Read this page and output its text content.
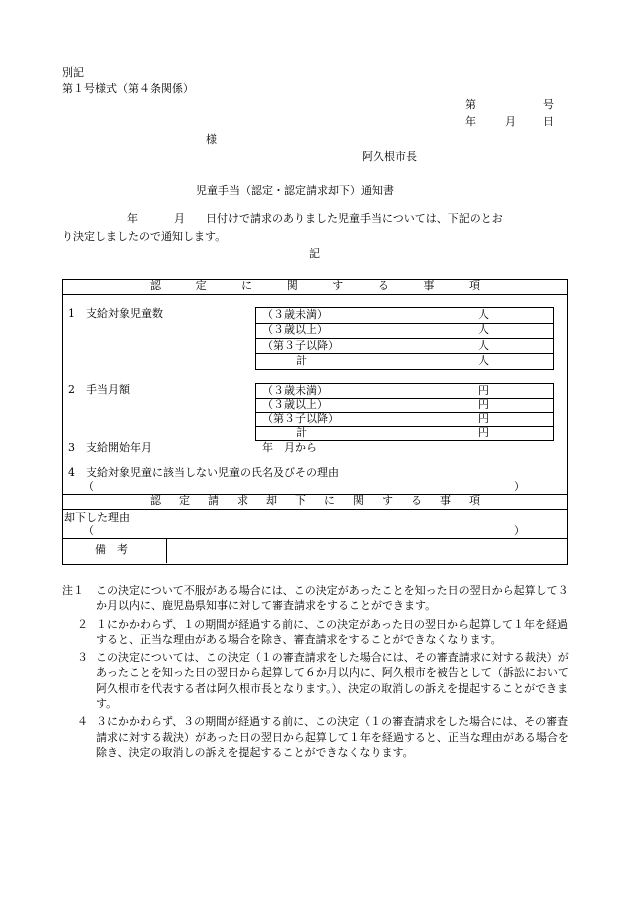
別記
第１号様式（第４条関係）
第	号
年	月 日
様
阿久根市長
児童手当（認定・認定請求却下）通知書
年	月 日付けで請求のありました児童手当については、下記のとお
り決定しましたので通知します。
記
認	定	に	関	す	る	事	項
1　支給対象児童数	（３歳未満）	人
（３歳以上）	人
（第３子以降）	人
計	人
2　手当月額	（３歳未満）	円
（３歳以上）	円
（第３子以降）	円
計	円
3　支給開始年月	年　月から
4　支給対象児童に該当しない児童の氏名及びその理由
（	）
認 定 請 求 却 下 に 関 す る 事 項
却下した理由
（	）
備　考
注１	この決定について不服がある場合には、この決定があったことを知った日の翌日から起算して３か月以内に、鹿児島県知事に対して審査請求をすることができます。
２ １にかかわらず、１の期間が経過する前に、この決定があった日の翌日から起算して１年を経過すると、正当な理由がある場合を除き、審査請求をすることができなくなります。
３ この決定については、この決定（１の審査請求をした場合には、その審査請求に対する裁決）があったことを知った日の翌日から起算して６か月以内に、阿久根市を被告として（訴訟において阿久根市を代表する者は阿久根市長となります。）、決定の取消しの訴えを提起することができます。
４ ３にかかわらず、３の期間が経過する前に、この決定（１の審査請求をした場合には、その審査請求に対する裁決）があった日の翌日から起算して１年を経過すると、正当な理由がある場合を除き、決定の取消しの訴えを提起することができなくなります。
